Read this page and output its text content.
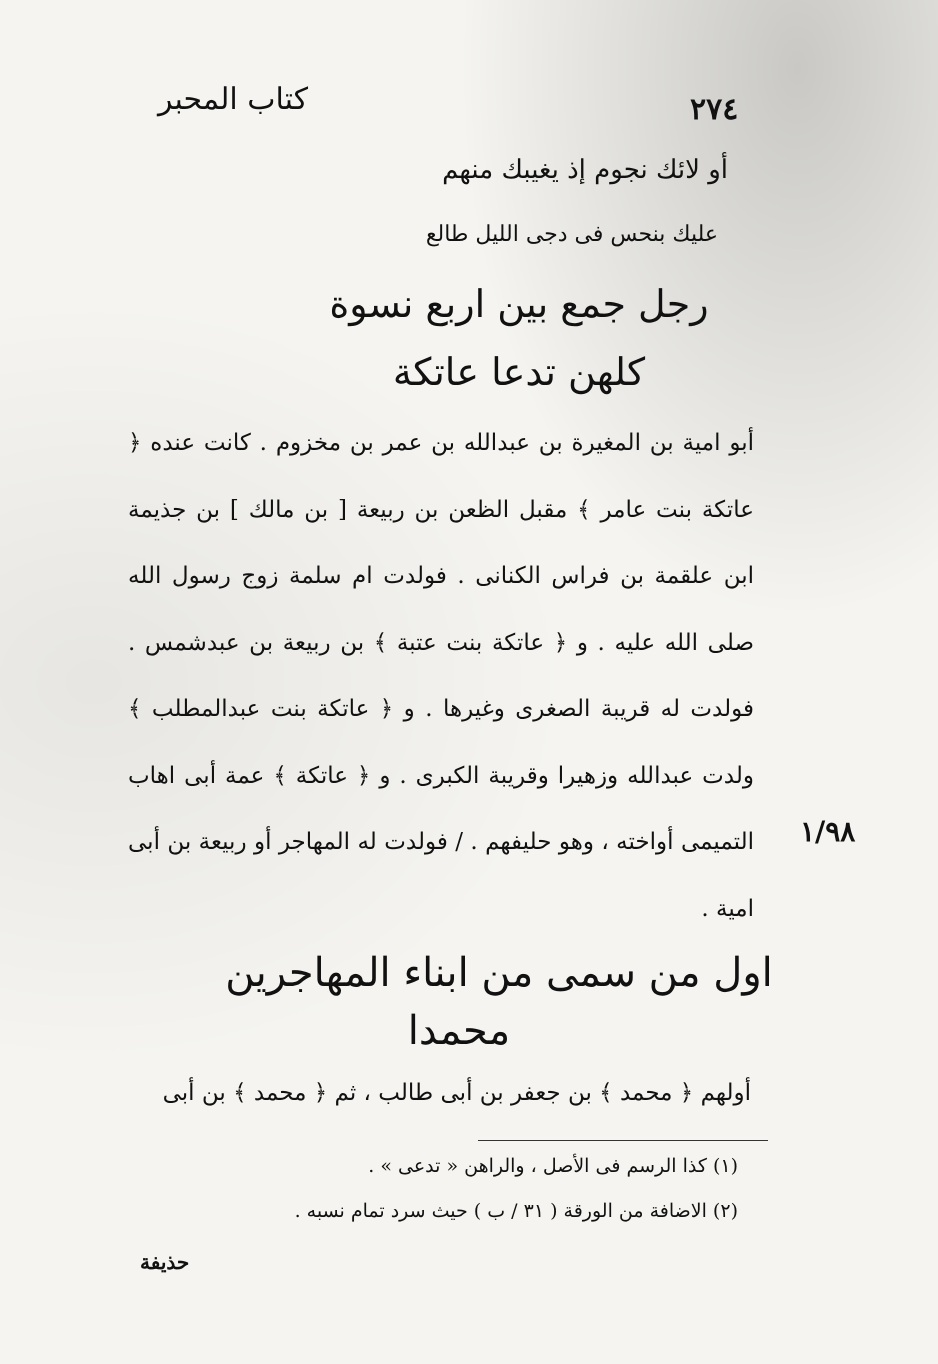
٢٧٤
كتاب المحبر
أو لائك نجوم إذ يغيبك منهم
عليك بنحس فى دجى الليل طالع
رجل جمع بين اربع نسوة
كلهن تدعا عاتكة

أبو امية بن المغيرة بن عبدالله بن عمر بن مخزوم . كانت عنده ﴿ عاتكة بنت عامر ﴾ مقبل الظعن بن ربيعة [ بن مالك ] بن جذيمة ابن علقمة بن فراس الكنانى . فولدت ام سلمة زوج رسول الله صلى الله عليه . و ﴿ عاتكة بنت عتبة ﴾ بن ربيعة بن عبدشمس . فولدت له قريبة الصغرى وغيرها . و ﴿ عاتكة بنت عبدالمطلب ﴾ ولدت عبدالله وزهيرا وقريبة الكبرى . و ﴿ عاتكة ﴾ عمة أبى اهاب التميمى أواخته ، وهو حليفهم . / فولدت له المهاجر أو ربيعة بن أبى امية .

١/٩٨
اول من سمى من ابناء المهاجرين
محمدا
أولهم ﴿ محمد ﴾ بن جعفر بن أبى طالب ، ثم ﴿ محمد ﴾ بن أبى
(١) كذا الرسم فى الأصل ، والراهن « تدعى » .
(٢) الاضافة من الورقة ( ٣١ / ب ) حيث سرد تمام نسبه .
حذيفة
